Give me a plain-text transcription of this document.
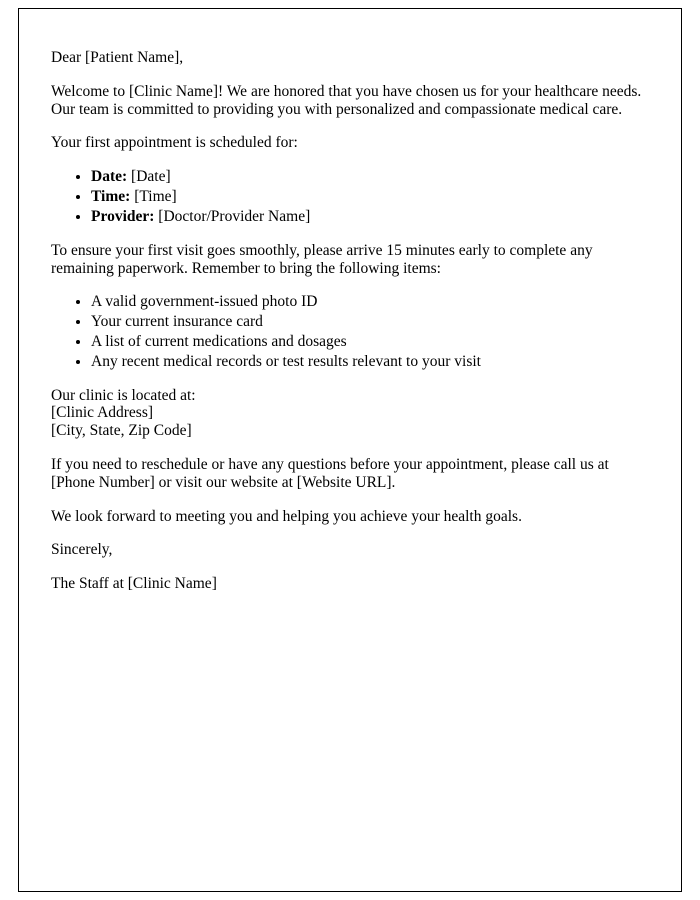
Dear [Patient Name],

Welcome to [Clinic Name]! We are honored that you have chosen us for your healthcare needs. Our team is committed to providing you with personalized and compassionate medical care.

Your first appointment is scheduled for:

• Date: [Date]
• Time: [Time]
• Provider: [Doctor/Provider Name]

To ensure your first visit goes smoothly, please arrive 15 minutes early to complete any remaining paperwork. Remember to bring the following items:

• A valid government-issued photo ID
• Your current insurance card
• A list of current medications and dosages
• Any recent medical records or test results relevant to your visit

Our clinic is located at:
[Clinic Address]
[City, State, Zip Code]

If you need to reschedule or have any questions before your appointment, please call us at [Phone Number] or visit our website at [Website URL].

We look forward to meeting you and helping you achieve your health goals.

Sincerely,

The Staff at [Clinic Name]
